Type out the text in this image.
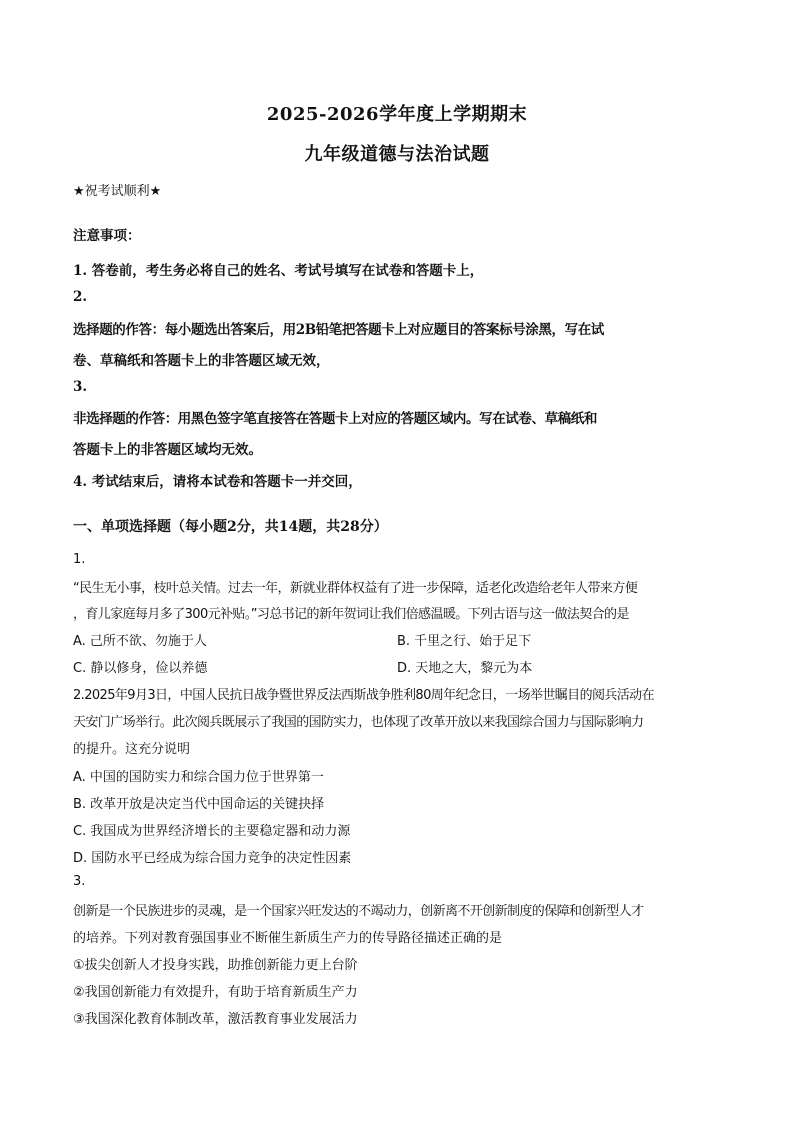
2025-2026学年度上学期期末
九年级道德与法治试题
★祝考试顺利★
注意事项：
1. 答卷前，考生务必将自己的姓名、考试号填写在试卷和答题卡上，
2.
选择题的作答：每小题选出答案后，用2B铅笔把答题卡上对应题目的答案标号涂黑，写在试
卷、草稿纸和答题卡上的非答题区域无效，
3.
非选择题的作答：用黑色签字笔直接答在答题卡上对应的答题区域内。写在试卷、草稿纸和
答题卡上的非答题区域均无效。
4. 考试结束后，请将本试卷和答题卡一并交回，
一、单项选择题（每小题2分，共14题，共28分）
1.
“民生无小事，枝叶总关情。过去一年，新就业群体权益有了进一步保障，适老化改造给老年人带来方便
，育儿家庭每月多了300元补贴。”习总书记的新年贺词让我们倍感温暖。下列古语与这一做法契合的是
A. 己所不欲、勿施于人	B. 千里之行、始于足下
C. 静以修身，俭以养德	D. 天地之大，黎元为本
2.2025年9月3日，中国人民抗日战争暨世界反法西斯战争胜利80周年纪念日，一场举世瞩目的阅兵活动在
天安门广场举行。此次阅兵既展示了我国的国防实力，也体现了改革开放以来我国综合国力与国际影响力
的提升。这充分说明
A. 中国的国防实力和综合国力位于世界第一
B. 改革开放是决定当代中国命运的关键抉择
C. 我国成为世界经济增长的主要稳定器和动力源
D. 国防水平已经成为综合国力竞争的决定性因素
3.
创新是一个民族进步的灵魂，是一个国家兴旺发达的不竭动力，创新离不开创新制度的保障和创新型人才
的培养。下列对教育强国事业不断催生新质生产力的传导路径描述正确的是
①拔尖创新人才投身实践，助推创新能力更上台阶
②我国创新能力有效提升，有助于培育新质生产力
③我国深化教育体制改革，激活教育事业发展活力
